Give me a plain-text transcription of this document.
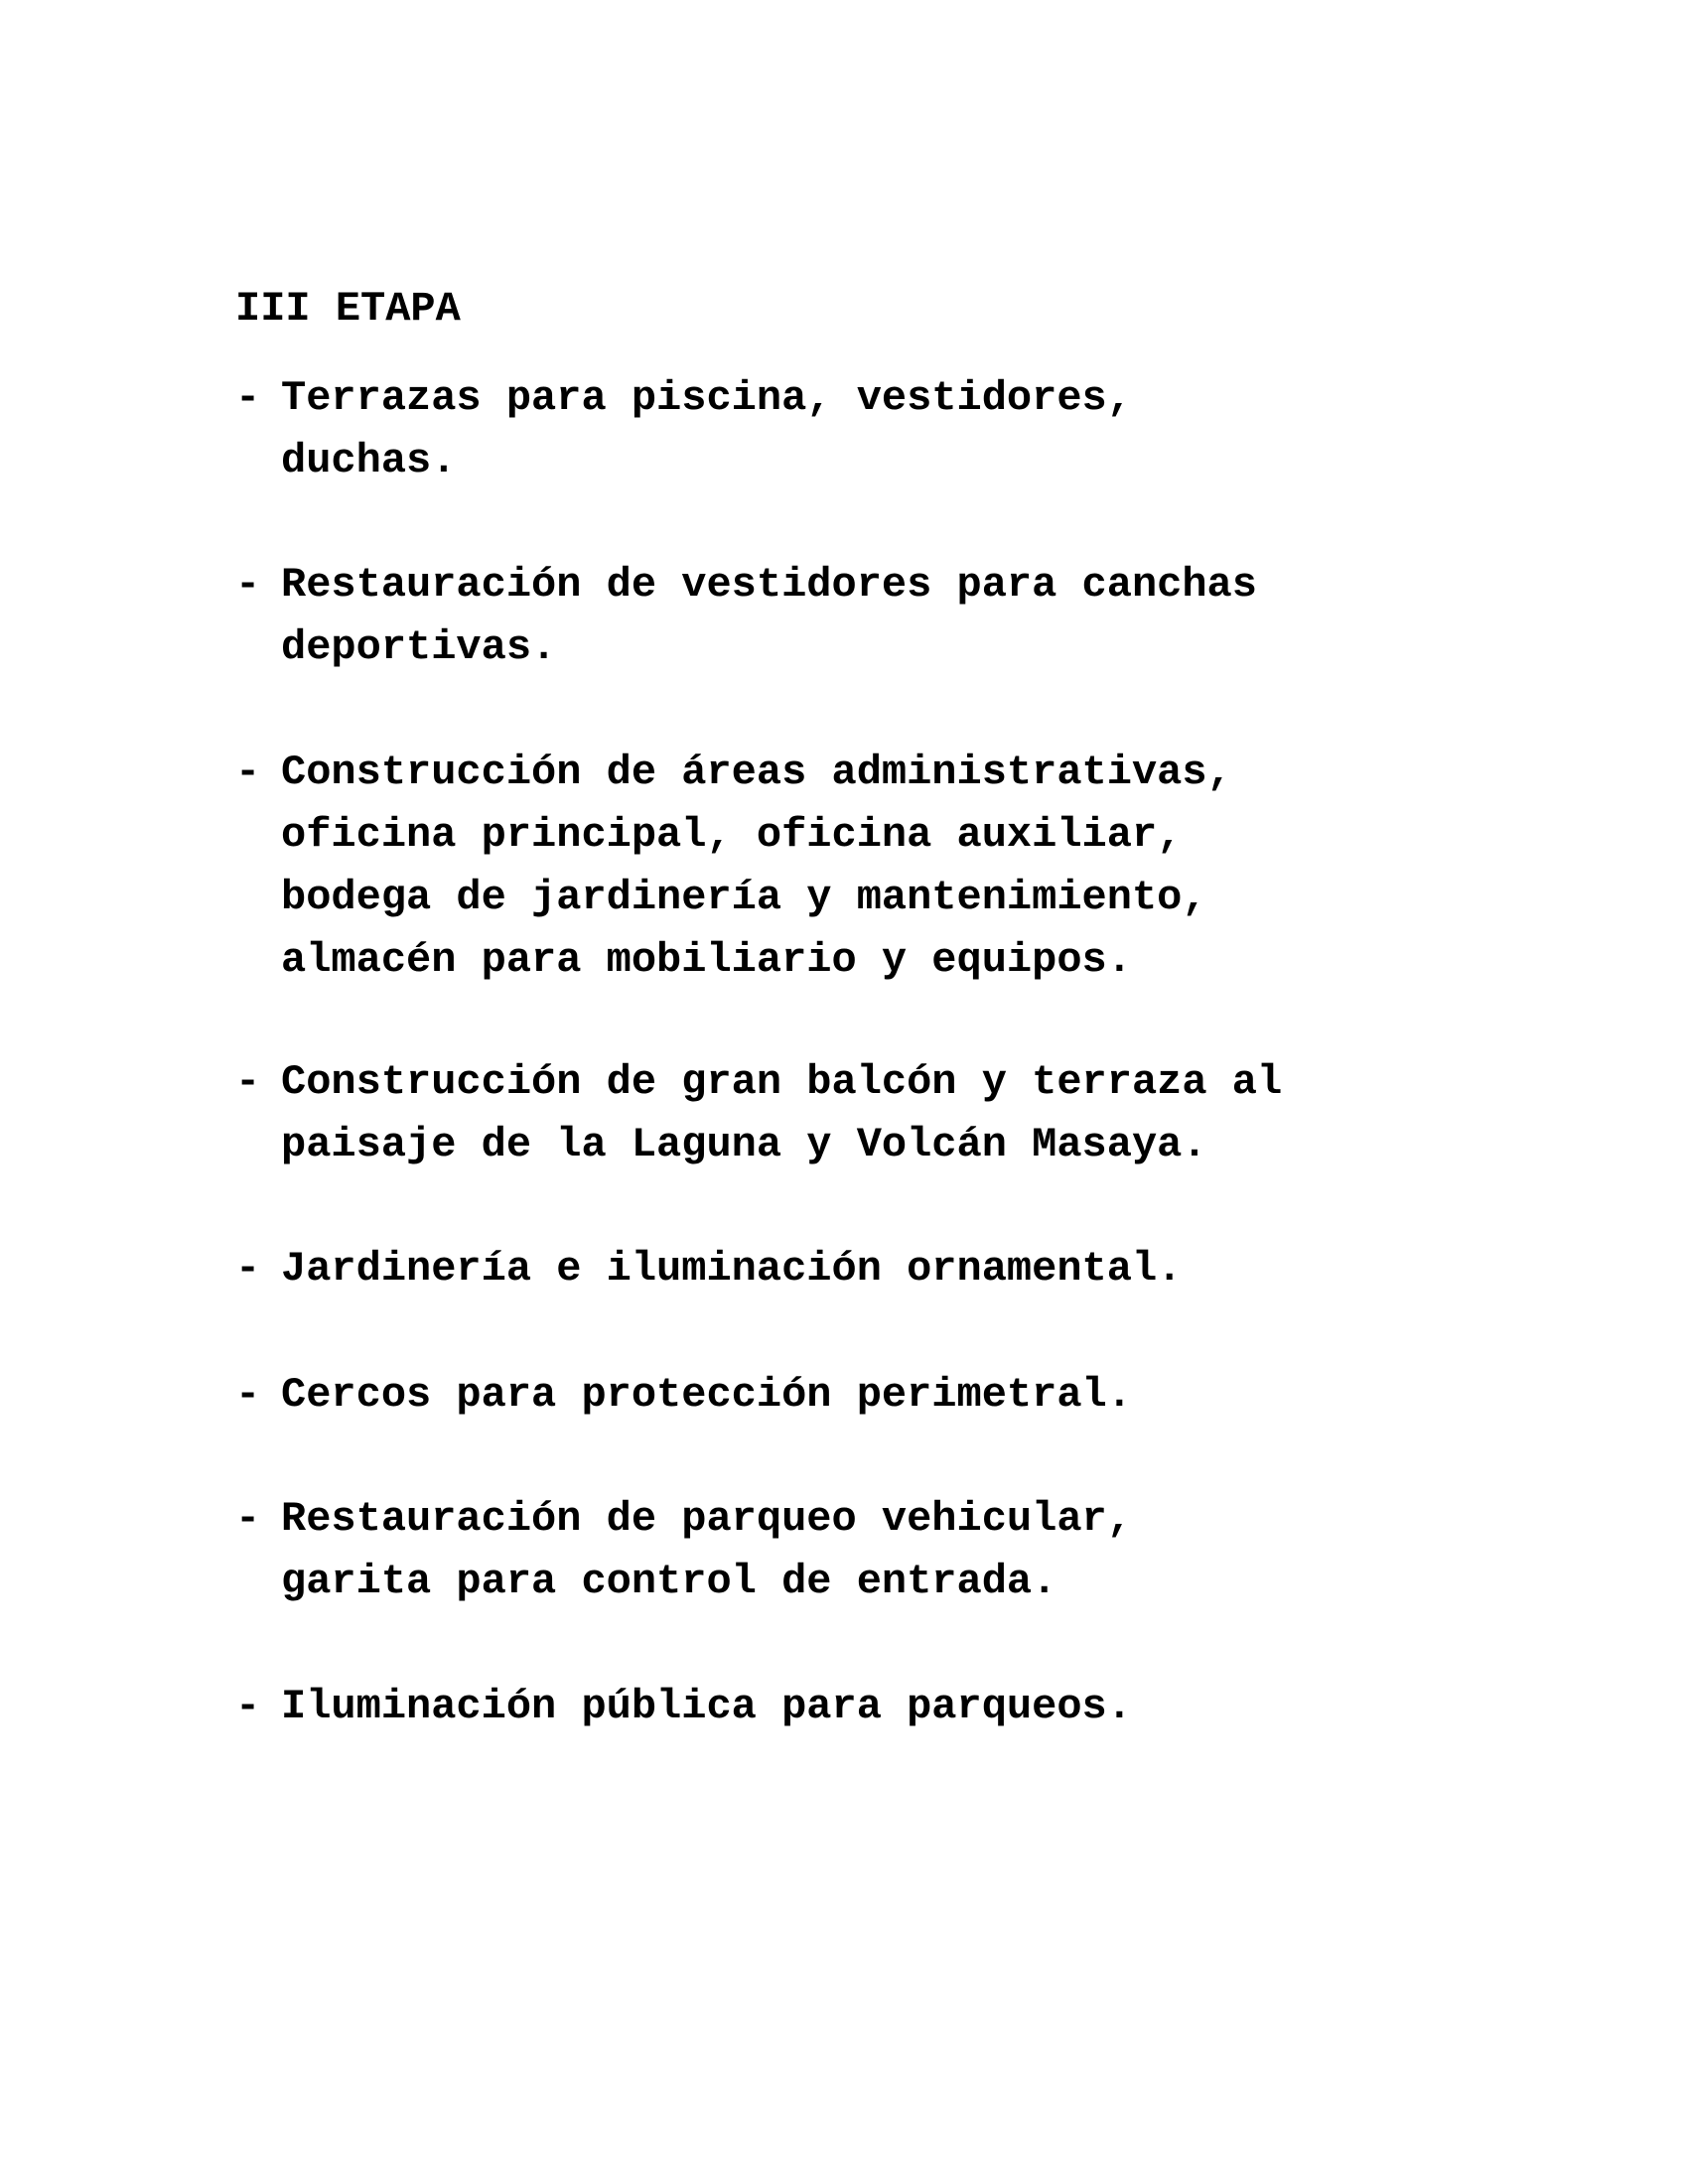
III ETAPA
- Terrazas para piscina, vestidores,
duchas.
- Restauración de vestidores para canchas
deportivas.
- Construcción de áreas administrativas,
oficina principal, oficina auxiliar,
bodega de jardinería y mantenimiento,
almacén para mobiliario y equipos.
- Construcción de gran balcón y terraza al
paisaje de la Laguna y Volcán Masaya.
- Jardinería e iluminación ornamental.
- Cercos para protección perimetral.
- Restauración de parqueo vehicular,
garita para control de entrada.
- Iluminación pública para parqueos.
